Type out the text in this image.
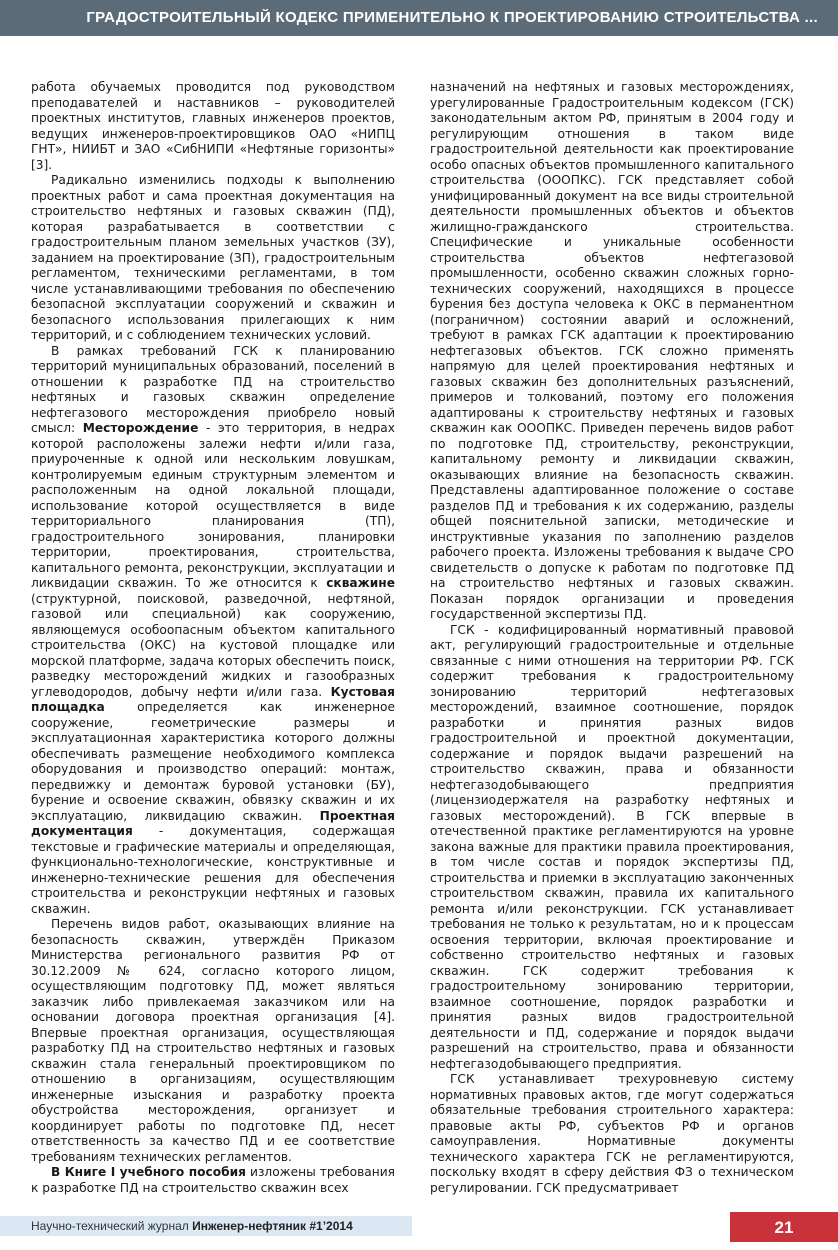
ГРАДОСТРОИТЕЛЬНЫЙ КОДЕКС ПРИМЕНИТЕЛЬНО К ПРОЕКТИРОВАНИЮ СТРОИТЕЛЬСТВА ...

работа обучаемых проводится под руководством преподавателей и наставников – руководителей проектных институтов, главных инженеров проектов, ведущих инженеров-проектировщиков ОАО «НИПЦ ГНТ», НИИБТ и ЗАО «СибНИПИ «Нефтяные горизонты» [3].

Радикально изменились подходы к выполнению проектных работ и сама проектная документация на строительство нефтяных и газовых скважин (ПД), которая разрабатывается в соответствии с градостроительным планом земельных участков (ЗУ), заданием на проектирование (ЗП), градостроительным регламентом, техническими регламентами, в том числе устанавливающими требования по обеспечению безопасной эксплуатации сооружений и скважин и безопасного использования прилегающих к ним территорий, и с соблюдением технических условий.

В рамках требований ГСК к планированию территорий муниципальных образований, поселений в отношении к разработке ПД на строительство нефтяных и газовых скважин определение нефтегазового месторождения приобрело новый смысл: Месторождение - это территория, в недрах которой расположены залежи нефти и/или газа, приуроченные к одной или нескольким ловушкам, контролируемым единым структурным элементом и расположенным на одной локальной площади, использование которой осуществляется в виде территориального планирования (ТП), градостроительного зонирования, планировки территории, проектирования, строительства, капитального ремонта, реконструкции, эксплуатации и ликвидации скважин. То же относится к скважине (структурной, поисковой, разведочной, нефтяной, газовой или специальной) как сооружению, являющемуся особоопасным объектом капитального строительства (ОКС) на кустовой площадке или морской платформе, задача которых обеспечить поиск, разведку месторождений жидких и газообразных углеводородов, добычу нефти и/или газа. Кустовая площадка определяется как инженерное сооружение, геометрические размеры и эксплуатационная характеристика которого должны обеспечивать размещение необходимого комплекса оборудования и производство операций: монтаж, передвижку и демонтаж буровой установки (БУ), бурение и освоение скважин, обвязку скважин и их эксплуатацию, ликвидацию скважин. Проектная документация - документация, содержащая текстовые и графические материалы и определяющая, функционально-технологические, конструктивные и инженерно-технические решения для обеспечения строительства и реконструкции нефтяных и газовых скважин.

Перечень видов работ, оказывающих влияние на безопасность скважин, утверждён Приказом Министерства регионального развития РФ от 30.12.2009 № 624, согласно которого лицом, осуществляющим подготовку ПД, может являться заказчик либо привлекаемая заказчиком или на основании договора проектная организация [4]. Впервые проектная организация, осуществляющая разработку ПД на строительство нефтяных и газовых скважин стала генеральный проектировщиком по отношению в организациям, осуществляющим инженерные изыскания и разработку проекта обустройства месторождения, организует и координирует работы по подготовке ПД, несет ответственность за качество ПД и ее соответствие требованиям технических регламентов.

В Книге I учебного пособия изложены требования к разработке ПД на строительство скважин всех

назначений на нефтяных и газовых месторождениях, урегулированные Градостроительным кодексом (ГСК) законодательным актом РФ, принятым в 2004 году и регулирующим отношения в таком виде градостроительной деятельности как проектирование особо опасных объектов промышленного капитального строительства (ОООПКС). ГСК представляет собой унифицированный документ на все виды строительной деятельности промышленных объектов и объектов жилищно-гражданского строительства. Специфические и уникальные особенности строительства объектов нефтегазовой промышленности, особенно скважин сложных горно-технических сооружений, находящихся в процессе бурения без доступа человека к ОКС в перманентном (пограничном) состоянии аварий и осложнений, требуют в рамках ГСК адаптации к проектированию нефтегазовых объектов. ГСК сложно применять напрямую для целей проектирования нефтяных и газовых скважин без дополнительных разъяснений, примеров и толкований, поэтому его положения адаптированы к строительству нефтяных и газовых скважин как ОООПКС. Приведен перечень видов работ по подготовке ПД, строительству, реконструкции, капитальному ремонту и ликвидации скважин, оказывающих влияние на безопасность скважин. Представлены адаптированное положение о составе разделов ПД и требования к их содержанию, разделы общей пояснительной записки, методические и инструктивные указания по заполнению разделов рабочего проекта. Изложены требования к выдаче СРО свидетельств о допуске к работам по подготовке ПД на строительство нефтяных и газовых скважин. Показан порядок организации и проведения государственной экспертизы ПД.

ГСК - кодифицированный нормативный правовой акт, регулирующий градостроительные и отдельные связанные с ними отношения на территории РФ. ГСК содержит требования к градостроительному зонированию территорий нефтегазовых месторождений, взаимное соотношение, порядок разработки и принятия разных видов градостроительной и проектной документации, содержание и порядок выдачи разрешений на строительство скважин, права и обязанности нефтегазодобывающего предприятия (лицензиодержателя на разработку нефтяных и газовых месторождений). В ГСК впервые в отечественной практике регламентируются на уровне закона важные для практики правила проектирования, в том числе состав и порядок экспертизы ПД, строительства и приемки в эксплуатацию законченных строительством скважин, правила их капитального ремонта и/или реконструкции. ГСК устанавливает требования не только к результатам, но и к процессам освоения территории, включая проектирование и собственно строительство нефтяных и газовых скважин. ГСК содержит требования к градостроительному зонированию территории, взаимное соотношение, порядок разработки и принятия разных видов градостроительной деятельности и ПД, содержание и порядок выдачи разрешений на строительство, права и обязанности нефтегазодобывающего предприятия.

ГСК устанавливает трехуровневую систему нормативных правовых актов, где могут содержаться обязательные требования строительного характера: правовые акты РФ, субъектов РФ и органов самоуправления. Нормативные документы технического характера ГСК не регламентируются, поскольку входят в сферу действия ФЗ о техническом регулировании. ГСК предусматривает

Научно-технический журнал Инженер-нефтяник #1’2014	21
